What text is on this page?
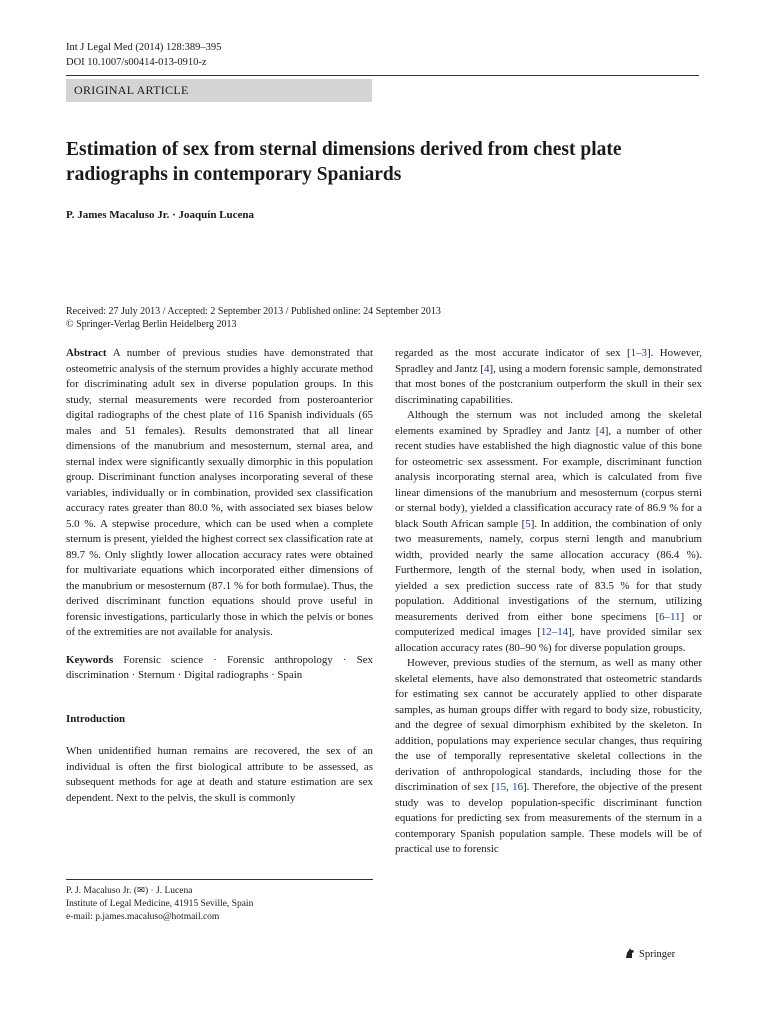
Int J Legal Med (2014) 128:389–395
DOI 10.1007/s00414-013-0910-z
ORIGINAL ARTICLE
Estimation of sex from sternal dimensions derived from chest plate radiographs in contemporary Spaniards
P. James Macaluso Jr. · Joaquín Lucena
Received: 27 July 2013 / Accepted: 2 September 2013 / Published online: 24 September 2013
© Springer-Verlag Berlin Heidelberg 2013

Abstract A number of previous studies have demonstrated that osteometric analysis of the sternum provides a highly accurate method for discriminating adult sex in diverse population groups. In this study, sternal measurements were recorded from posteroanterior digital radiographs of the chest plate of 116 Spanish individuals (65 males and 51 females). Results demonstrated that all linear dimensions of the manubrium and mesosternum, sternal area, and sternal index were significantly sexually dimorphic in this population group. Discriminant function analyses incorporating several of these variables, individually or in combination, provided sex classification accuracy rates greater than 80.0 %, with associated sex biases below 5.0 %. A stepwise procedure, which can be used when a complete sternum is present, yielded the highest correct sex classification rate at 89.7 %. Only slightly lower allocation accuracy rates were obtained for multivariate equations which incorporated either dimensions of the manubrium or mesosternum (87.1 % for both formulae). Thus, the derived discriminant function equations should prove useful in forensic investigations, particularly those in which the pelvis or bones of the extremities are not available for analysis.

Keywords Forensic science · Forensic anthropology · Sex discrimination · Sternum · Digital radiographs · Spain

Introduction

When unidentified human remains are recovered, the sex of an individual is often the first biological attribute to be assessed, as subsequent methods for age at death and stature estimation are sex dependent. Next to the pelvis, the skull is commonly

P. J. Macaluso Jr. (✉) · J. Lucena
Institute of Legal Medicine, 41915 Seville, Spain
e-mail: p.james.macaluso@hotmail.com

regarded as the most accurate indicator of sex [1–3]. However, Spradley and Jantz [4], using a modern forensic sample, demonstrated that most bones of the postcranium outperform the skull in their sex discriminating capabilities.

Although the sternum was not included among the skeletal elements examined by Spradley and Jantz [4], a number of other recent studies have established the high diagnostic value of this bone for osteometric sex assessment. For example, discriminant function analysis incorporating sternal area, which is calculated from five linear dimensions of the manubrium and mesosternum (corpus sterni or sternal body), yielded a classification accuracy rate of 86.9 % for a black South African sample [5]. In addition, the combination of only two measurements, namely, corpus sterni length and manubrium width, provided nearly the same allocation accuracy (86.4 %). Furthermore, length of the sternal body, when used in isolation, yielded a sex prediction success rate of 83.5 % for that study population. Additional investigations of the sternum, utilizing measurements derived from either bone specimens [6–11] or computerized medical images [12–14], have provided similar sex allocation accuracy rates (80–90 %) for diverse population groups.

However, previous studies of the sternum, as well as many other skeletal elements, have also demonstrated that osteometric standards for estimating sex cannot be accurately applied to other disparate samples, as human groups differ with regard to body size, robusticity, and the degree of sexual dimorphism exhibited by the skeleton. In addition, populations may experience secular changes, thus requiring the use of temporally representative skeletal collections in the derivation of anthropological standards, including those for the discrimination of sex [15, 16]. Therefore, the objective of the present study was to develop population-specific discriminant function equations for predicting sex from measurements of the sternum in a contemporary Spanish population sample. These models will be of practical use to forensic

Springer
